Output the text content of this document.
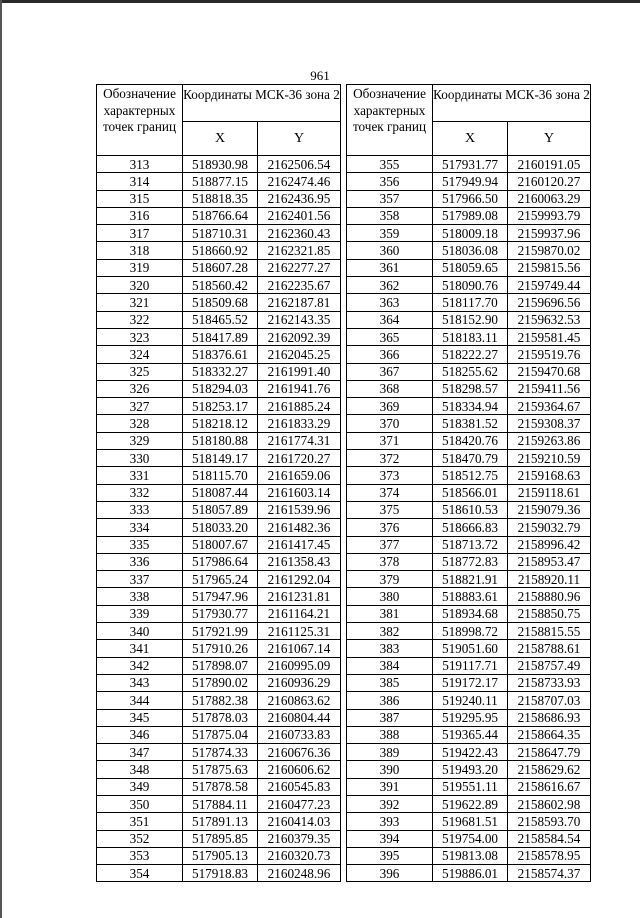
961
Обозначение характерных точек границ	Координаты МСК-36 зона 2	
	X	Y
313	518930.98	2162506.54
314	518877.15	2162474.46
315	518818.35	2162436.95
316	518766.64	2162401.56
317	518710.31	2162360.43
318	518660.92	2162321.85
319	518607.28	2162277.27
320	518560.42	2162235.67
321	518509.68	2162187.81
322	518465.52	2162143.35
323	518417.89	2162092.39
324	518376.61	2162045.25
325	518332.27	2161991.40
326	518294.03	2161941.76
327	518253.17	2161885.24
328	518218.12	2161833.29
329	518180.88	2161774.31
330	518149.17	2161720.27
331	518115.70	2161659.06
332	518087.44	2161603.14
333	518057.89	2161539.96
334	518033.20	2161482.36
335	518007.67	2161417.45
336	517986.64	2161358.43
337	517965.24	2161292.04
338	517947.96	2161231.81
339	517930.77	2161164.21
340	517921.99	2161125.31
341	517910.26	2161067.14
342	517898.07	2160995.09
343	517890.02	2160936.29
344	517882.38	2160863.62
345	517878.03	2160804.44
346	517875.04	2160733.83
347	517874.33	2160676.36
348	517875.63	2160606.62
349	517878.58	2160545.83
350	517884.11	2160477.23
351	517891.13	2160414.03
352	517895.85	2160379.35
353	517905.13	2160320.73
354	517918.83	2160248.96
Обозначение характерных точек границ	Координаты МСК-36 зона 2	
	X	Y
355	517931.77	2160191.05
356	517949.94	2160120.27
357	517966.50	2160063.29
358	517989.08	2159993.79
359	518009.18	2159937.96
360	518036.08	2159870.02
361	518059.65	2159815.56
362	518090.76	2159749.44
363	518117.70	2159696.56
364	518152.90	2159632.53
365	518183.11	2159581.45
366	518222.27	2159519.76
367	518255.62	2159470.68
368	518298.57	2159411.56
369	518334.94	2159364.67
370	518381.52	2159308.37
371	518420.76	2159263.86
372	518470.79	2159210.59
373	518512.75	2159168.63
374	518566.01	2159118.61
375	518610.53	2159079.36
376	518666.83	2159032.79
377	518713.72	2158996.42
378	518772.83	2158953.47
379	518821.91	2158920.11
380	518883.61	2158880.96
381	518934.68	2158850.75
382	518998.72	2158815.55
383	519051.60	2158788.61
384	519117.71	2158757.49
385	519172.17	2158733.93
386	519240.11	2158707.03
387	519295.95	2158686.93
388	519365.44	2158664.35
389	519422.43	2158647.79
390	519493.20	2158629.62
391	519551.11	2158616.67
392	519622.89	2158602.98
393	519681.51	2158593.70
394	519754.00	2158584.54
395	519813.08	2158578.95
396	519886.01	2158574.37
